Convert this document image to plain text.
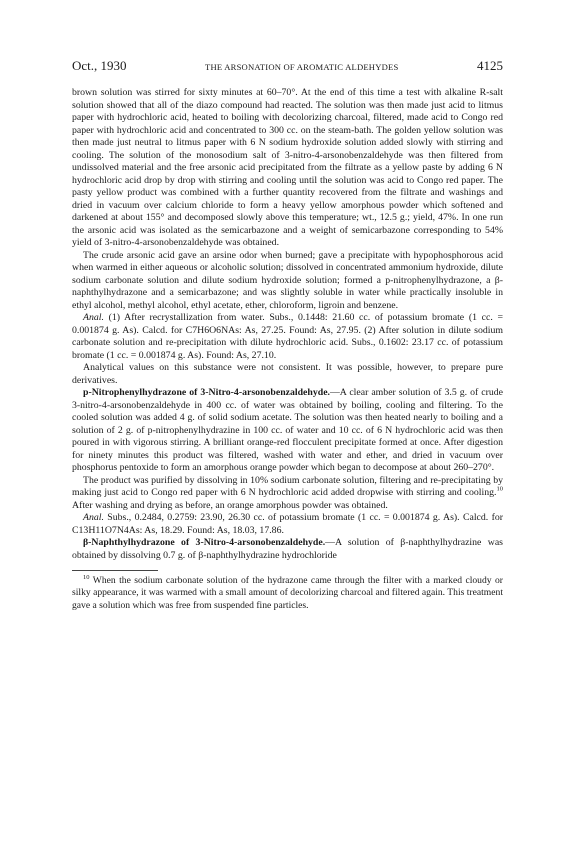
Oct., 1930	THE ARSONATION OF AROMATIC ALDEHYDES	4125

brown solution was stirred for sixty minutes at 60–70°. At the end of this time a test with alkaline R-salt solution showed that all of the diazo compound had reacted. The solution was then made just acid to litmus paper with hydrochloric acid, heated to boiling with decolorizing charcoal, filtered, made acid to Congo red paper with hydrochloric acid and concentrated to 300 cc. on the steam-bath. The golden yellow solution was then made just neutral to litmus paper with 6 N sodium hydroxide solution added slowly with stirring and cooling. The solution of the monosodium salt of 3-nitro-4-arsonobenzaldehyde was then filtered from undissolved material and the free arsonic acid precipitated from the filtrate as a yellow paste by adding 6 N hydrochloric acid drop by drop with stirring and cooling until the solution was acid to Congo red paper. The pasty yellow product was combined with a further quantity recovered from the filtrate and washings and dried in vacuum over calcium chloride to form a heavy yellow amorphous powder which softened and darkened at about 155° and decomposed slowly above this temperature; wt., 12.5 g.; yield, 47%. In one run the arsonic acid was isolated as the semicarbazone and a weight of semicarbazone corresponding to 54% yield of 3-nitro-4-arsonobenzaldehyde was obtained.

The crude arsonic acid gave an arsine odor when burned; gave a precipitate with hypophosphorous acid when warmed in either aqueous or alcoholic solution; dissolved in concentrated ammonium hydroxide, dilute sodium carbonate solution and dilute sodium hydroxide solution; formed a p-nitrophenylhydrazone, a β-naphthylhydrazone and a semicarbazone; and was slightly soluble in water while practically insoluble in ethyl alcohol, methyl alcohol, ethyl acetate, ether, chloroform, ligroin and benzene.

Anal. (1) After recrystallization from water. Subs., 0.1448: 21.60 cc. of potassium bromate (1 cc. = 0.001874 g. As). Calcd. for C7H6O6NAs: As, 27.25. Found: As, 27.95. (2) After solution in dilute sodium carbonate solution and re-precipitation with dilute hydrochloric acid. Subs., 0.1602: 23.17 cc. of potassium bromate (1 cc. = 0.001874 g. As). Found: As, 27.10.

Analytical values on this substance were not consistent. It was possible, however, to prepare pure derivatives.

p-Nitrophenylhydrazone of 3-Nitro-4-arsonobenzaldehyde.—A clear amber solution of 3.5 g. of crude 3-nitro-4-arsonobenzaldehyde in 400 cc. of water was obtained by boiling, cooling and filtering. To the cooled solution was added 4 g. of solid sodium acetate. The solution was then heated nearly to boiling and a solution of 2 g. of p-nitrophenylhydrazine in 100 cc. of water and 10 cc. of 6 N hydrochloric acid was then poured in with vigorous stirring. A brilliant orange-red flocculent precipitate formed at once. After digestion for ninety minutes this product was filtered, washed with water and ether, and dried in vacuum over phosphorus pentoxide to form an amorphous orange powder which began to decompose at about 260–270°.

The product was purified by dissolving in 10% sodium carbonate solution, filtering and re-precipitating by making just acid to Congo red paper with 6 N hydrochloric acid added dropwise with stirring and cooling.$^{10}$ After washing and drying as before, an orange amorphous powder was obtained.

Anal. Subs., 0.2484, 0.2759: 23.90, 26.30 cc. of potassium bromate (1 cc. = 0.001874 g. As). Calcd. for C13H11O7N4As: As, 18.29. Found: As, 18.03, 17.86.

β-Naphthylhydrazone of 3-Nitro-4-arsonobenzaldehyde.—A solution of β-naphthylhydrazine was obtained by dissolving 0.7 g. of β-naphthylhydrazine hydrochloride

$^{10}$ When the sodium carbonate solution of the hydrazone came through the filter with a marked cloudy or silky appearance, it was warmed with a small amount of decolorizing charcoal and filtered again. This treatment gave a solution which was free from suspended fine particles.
